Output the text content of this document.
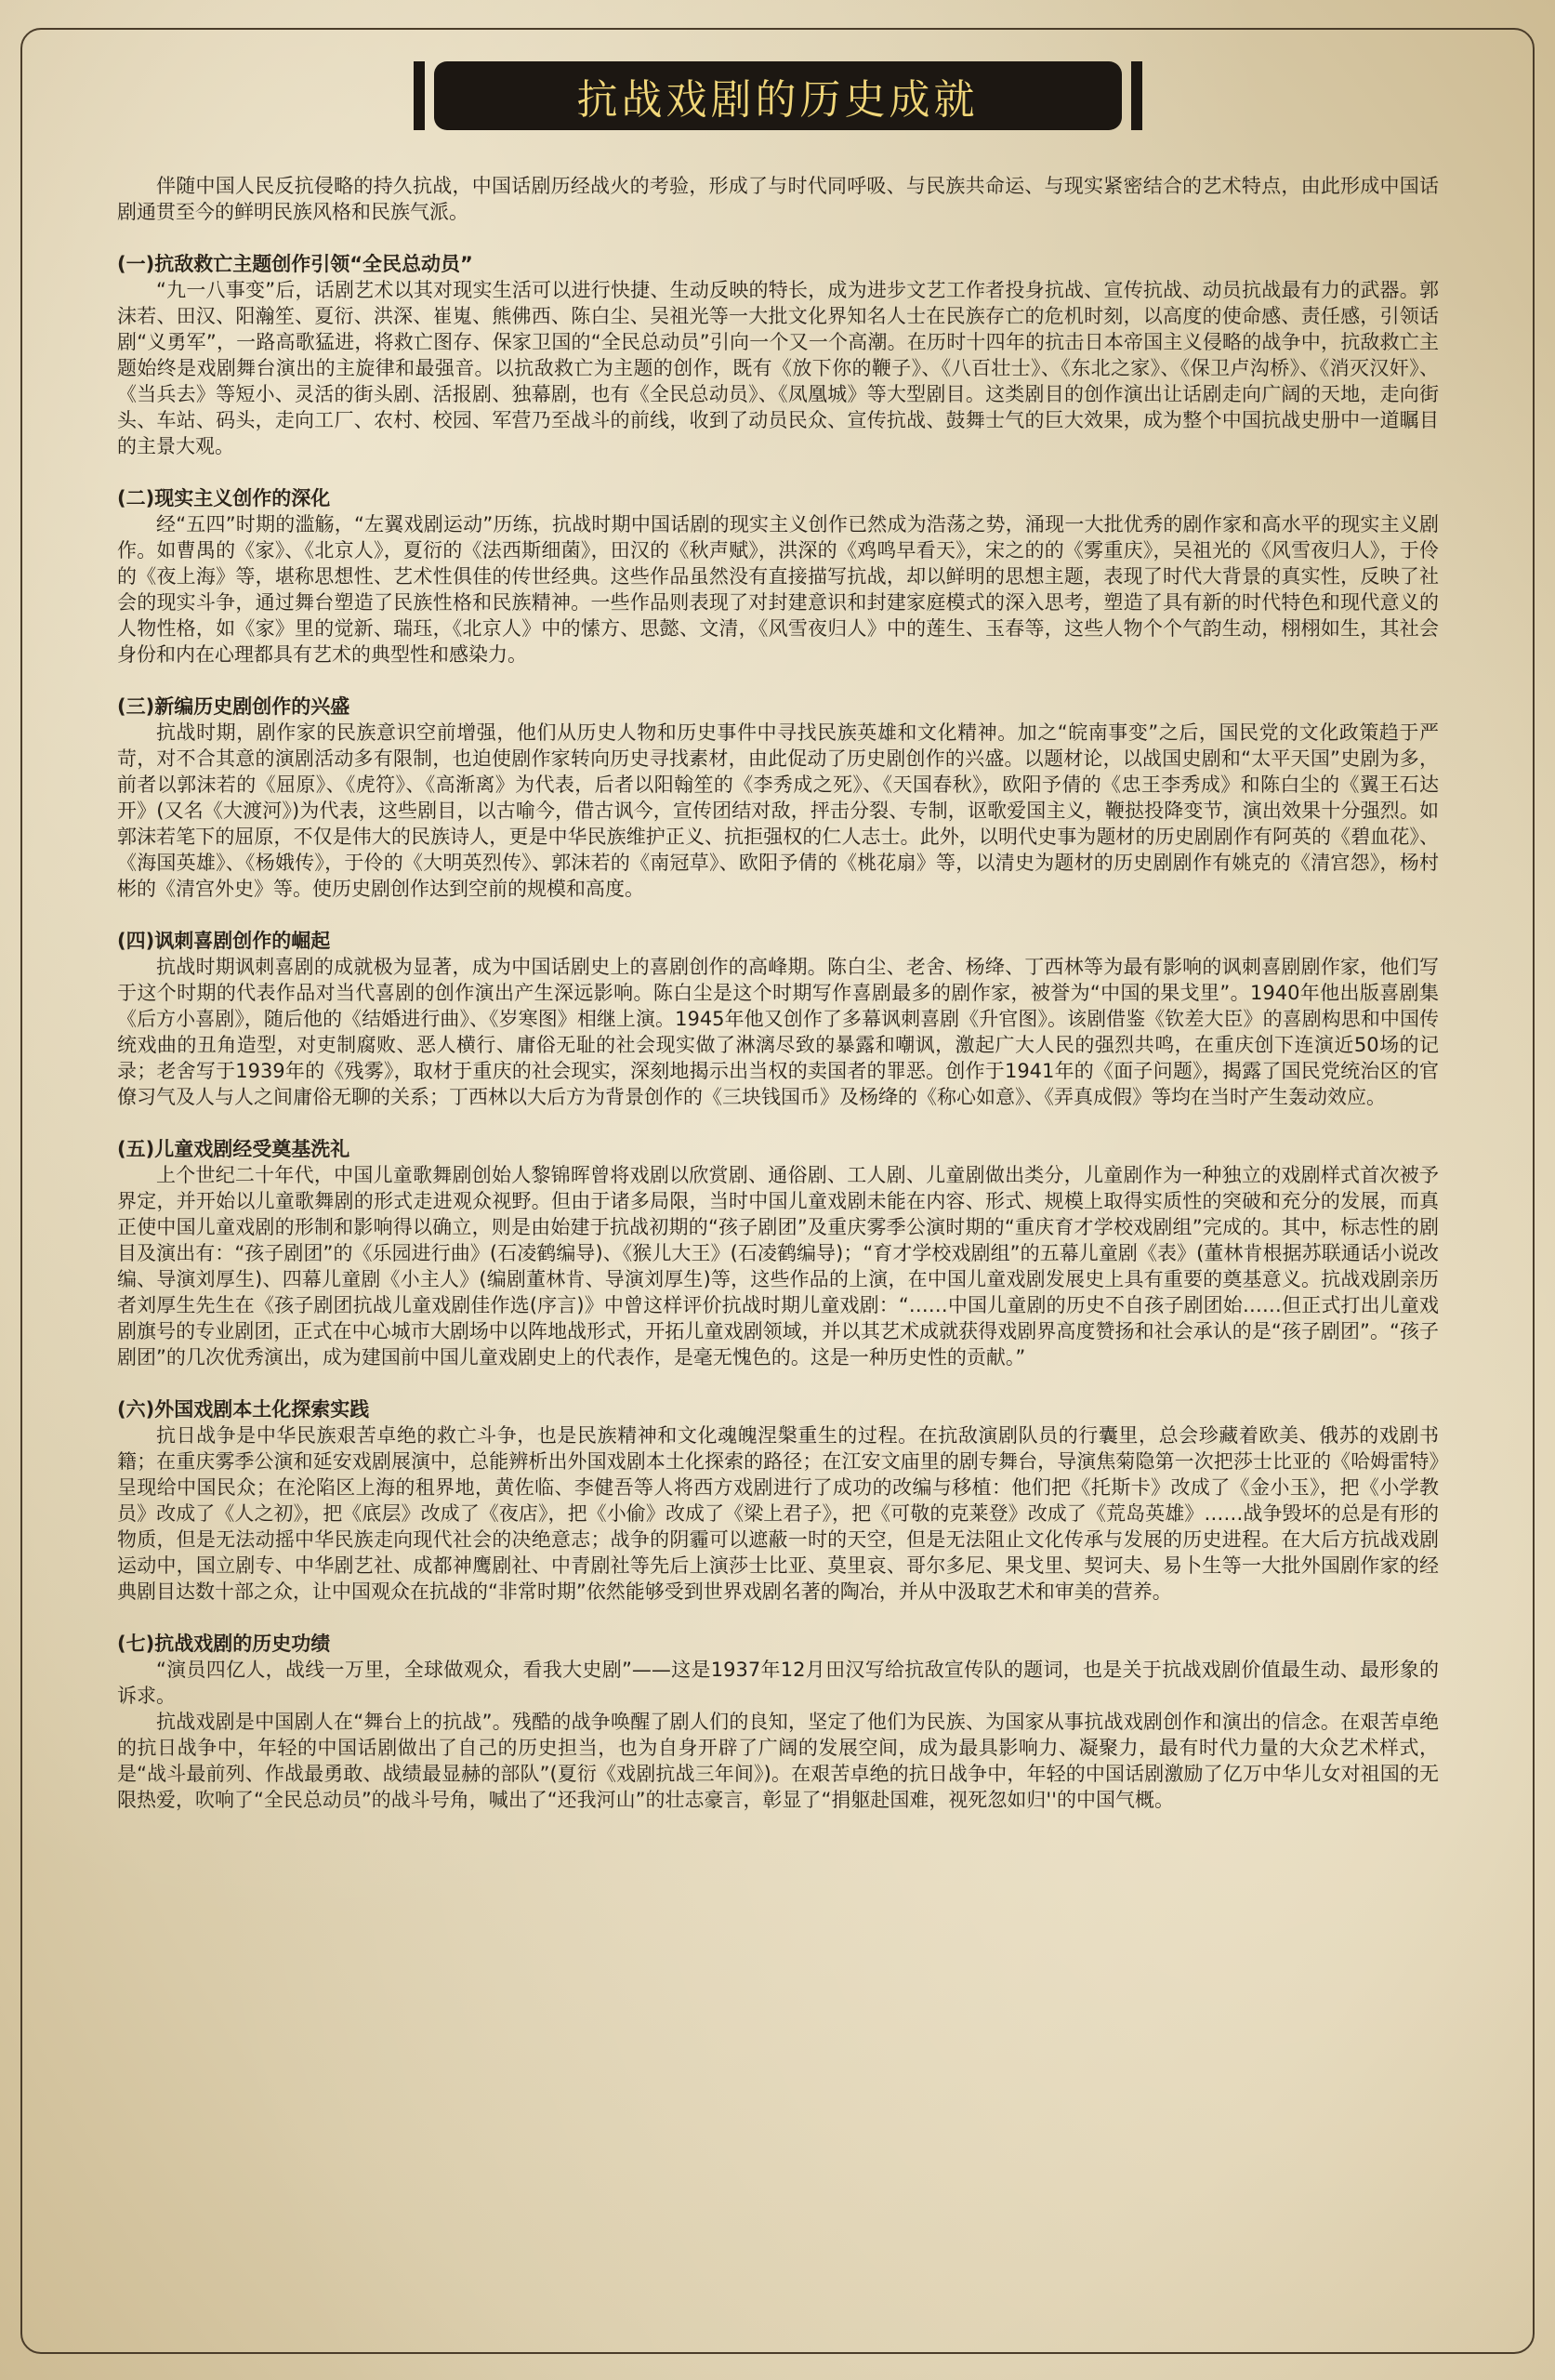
抗战戏剧的历史成就

伴随中国人民反抗侵略的持久抗战，中国话剧历经战火的考验，形成了与时代同呼吸、与民族共命运、与现实紧密结合的艺术特点，由此形成中国话剧通贯至今的鲜明民族风格和民族气派。

(一)抗敌救亡主题创作引领“全民总动员”

“九一八事变”后，话剧艺术以其对现实生活可以进行快捷、生动反映的特长，成为进步文艺工作者投身抗战、宣传抗战、动员抗战最有力的武器。郭沫若、田汉、阳瀚笙、夏衍、洪深、崔嵬、熊佛西、陈白尘、吴祖光等一大批文化界知名人士在民族存亡的危机时刻，以高度的使命感、责任感，引领话剧“义勇军”，一路高歌猛进，将救亡图存、保家卫国的“全民总动员”引向一个又一个高潮。在历时十四年的抗击日本帝国主义侵略的战争中，抗敌救亡主题始终是戏剧舞台演出的主旋律和最强音。以抗敌救亡为主题的创作，既有《放下你的鞭子》、《八百壮士》、《东北之家》、《保卫卢沟桥》、《消灭汉奸》、《当兵去》等短小、灵活的街头剧、活报剧、独幕剧，也有《全民总动员》、《凤凰城》等大型剧目。这类剧目的创作演出让话剧走向广阔的天地，走向街头、车站、码头，走向工厂、农村、校园、军营乃至战斗的前线，收到了动员民众、宣传抗战、鼓舞士气的巨大效果，成为整个中国抗战史册中一道瞩目的主景大观。

(二)现实主义创作的深化

经“五四”时期的滥觞，“左翼戏剧运动”历练，抗战时期中国话剧的现实主义创作已然成为浩荡之势，涌现一大批优秀的剧作家和高水平的现实主义剧作。如曹禺的《家》、《北京人》，夏衍的《法西斯细菌》，田汉的《秋声赋》，洪深的《鸡鸣早看天》，宋之的的《雾重庆》，吴祖光的《风雪夜归人》，于伶的《夜上海》等，堪称思想性、艺术性俱佳的传世经典。这些作品虽然没有直接描写抗战，却以鲜明的思想主题，表现了时代大背景的真实性，反映了社会的现实斗争，通过舞台塑造了民族性格和民族精神。一些作品则表现了对封建意识和封建家庭模式的深入思考，塑造了具有新的时代特色和现代意义的人物性格，如《家》里的觉新、瑞珏，《北京人》中的愫方、思懿、文清，《风雪夜归人》中的莲生、玉春等，这些人物个个气韵生动，栩栩如生，其社会身份和内在心理都具有艺术的典型性和感染力。

(三)新编历史剧创作的兴盛

抗战时期，剧作家的民族意识空前增强，他们从历史人物和历史事件中寻找民族英雄和文化精神。加之“皖南事变”之后，国民党的文化政策趋于严苛，对不合其意的演剧活动多有限制，也迫使剧作家转向历史寻找素材，由此促动了历史剧创作的兴盛。以题材论，以战国史剧和“太平天国”史剧为多，前者以郭沫若的《屈原》、《虎符》、《高渐离》为代表，后者以阳翰笙的《李秀成之死》、《天国春秋》，欧阳予倩的《忠王李秀成》和陈白尘的《翼王石达开》(又名《大渡河》)为代表，这些剧目，以古喻今，借古讽今，宣传团结对敌，抨击分裂、专制，讴歌爱国主义，鞭挞投降变节，演出效果十分强烈。如郭沫若笔下的屈原，不仅是伟大的民族诗人，更是中华民族维护正义、抗拒强权的仁人志士。此外，以明代史事为题材的历史剧剧作有阿英的《碧血花》、《海国英雄》、《杨娥传》，于伶的《大明英烈传》、郭沫若的《南冠草》、欧阳予倩的《桃花扇》等，以清史为题材的历史剧剧作有姚克的《清宫怨》，杨村彬的《清宫外史》等。使历史剧创作达到空前的规模和高度。

(四)讽刺喜剧创作的崛起

抗战时期讽刺喜剧的成就极为显著，成为中国话剧史上的喜剧创作的高峰期。陈白尘、老舍、杨绛、丁西林等为最有影响的讽刺喜剧剧作家，他们写于这个时期的代表作品对当代喜剧的创作演出产生深远影响。陈白尘是这个时期写作喜剧最多的剧作家，被誉为“中国的果戈里”。1940年他出版喜剧集《后方小喜剧》，随后他的《结婚进行曲》、《岁寒图》相继上演。1945年他又创作了多幕讽刺喜剧《升官图》。该剧借鉴《钦差大臣》的喜剧构思和中国传统戏曲的丑角造型，对吏制腐败、恶人横行、庸俗无耻的社会现实做了淋漓尽致的暴露和嘲讽，激起广大人民的强烈共鸣，在重庆创下连演近50场的记录；老舍写于1939年的《残雾》，取材于重庆的社会现实，深刻地揭示出当权的卖国者的罪恶。创作于1941年的《面子问题》，揭露了国民党统治区的官僚习气及人与人之间庸俗无聊的关系；丁西林以大后方为背景创作的《三块钱国币》及杨绛的《称心如意》、《弄真成假》等均在当时产生轰动效应。

(五)儿童戏剧经受奠基洗礼

上个世纪二十年代，中国儿童歌舞剧创始人黎锦晖曾将戏剧以欣赏剧、通俗剧、工人剧、儿童剧做出类分，儿童剧作为一种独立的戏剧样式首次被予界定，并开始以儿童歌舞剧的形式走进观众视野。但由于诸多局限，当时中国儿童戏剧未能在内容、形式、规模上取得实质性的突破和充分的发展，而真正使中国儿童戏剧的形制和影响得以确立，则是由始建于抗战初期的“孩子剧团”及重庆雾季公演时期的“重庆育才学校戏剧组”完成的。其中，标志性的剧目及演出有：“孩子剧团”的《乐园进行曲》(石凌鹤编导)、《猴儿大王》(石凌鹤编导)；“育才学校戏剧组”的五幕儿童剧《表》(董林肯根据苏联通话小说改编、导演刘厚生)、四幕儿童剧《小主人》(编剧董林肯、导演刘厚生)等，这些作品的上演，在中国儿童戏剧发展史上具有重要的奠基意义。抗战戏剧亲历者刘厚生先生在《孩子剧团抗战儿童戏剧佳作选(序言)》中曾这样评价抗战时期儿童戏剧：“……中国儿童剧的历史不自孩子剧团始……但正式打出儿童戏剧旗号的专业剧团，正式在中心城市大剧场中以阵地战形式，开拓儿童戏剧领域，并以其艺术成就获得戏剧界高度赞扬和社会承认的是“孩子剧团”。“孩子剧团”的几次优秀演出，成为建国前中国儿童戏剧史上的代表作，是毫无愧色的。这是一种历史性的贡献。”

(六)外国戏剧本土化探索实践

抗日战争是中华民族艰苦卓绝的救亡斗争，也是民族精神和文化魂魄涅槃重生的过程。在抗敌演剧队员的行囊里，总会珍藏着欧美、俄苏的戏剧书籍；在重庆雾季公演和延安戏剧展演中，总能辨析出外国戏剧本土化探索的路径；在江安文庙里的剧专舞台，导演焦菊隐第一次把莎士比亚的《哈姆雷特》呈现给中国民众；在沦陷区上海的租界地，黄佐临、李健吾等人将西方戏剧进行了成功的改编与移植：他们把《托斯卡》改成了《金小玉》，把《小学教员》改成了《人之初》，把《底层》改成了《夜店》，把《小偷》改成了《梁上君子》，把《可敬的克莱登》改成了《荒岛英雄》……战争毁坏的总是有形的物质，但是无法动摇中华民族走向现代社会的决绝意志；战争的阴霾可以遮蔽一时的天空，但是无法阻止文化传承与发展的历史进程。在大后方抗战戏剧运动中，国立剧专、中华剧艺社、成都神鹰剧社、中青剧社等先后上演莎士比亚、莫里哀、哥尔多尼、果戈里、契诃夫、易卜生等一大批外国剧作家的经典剧目达数十部之众，让中国观众在抗战的“非常时期”依然能够受到世界戏剧名著的陶冶，并从中汲取艺术和审美的营养。

(七)抗战戏剧的历史功绩

“演员四亿人，战线一万里，全球做观众，看我大史剧”——这是1937年12月田汉写给抗敌宣传队的题词，也是关于抗战戏剧价值最生动、最形象的诉求。

抗战戏剧是中国剧人在“舞台上的抗战”。残酷的战争唤醒了剧人们的良知，坚定了他们为民族、为国家从事抗战戏剧创作和演出的信念。在艰苦卓绝的抗日战争中，年轻的中国话剧做出了自己的历史担当，也为自身开辟了广阔的发展空间，成为最具影响力、凝聚力，最有时代力量的大众艺术样式，是“战斗最前列、作战最勇敢、战绩最显赫的部队”(夏衍《戏剧抗战三年间》)。在艰苦卓绝的抗日战争中，年轻的中国话剧激励了亿万中华儿女对祖国的无限热爱，吹响了“全民总动员”的战斗号角，喊出了“还我河山”的壮志豪言，彰显了“捐躯赴国难，视死忽如归''的中国气概。
